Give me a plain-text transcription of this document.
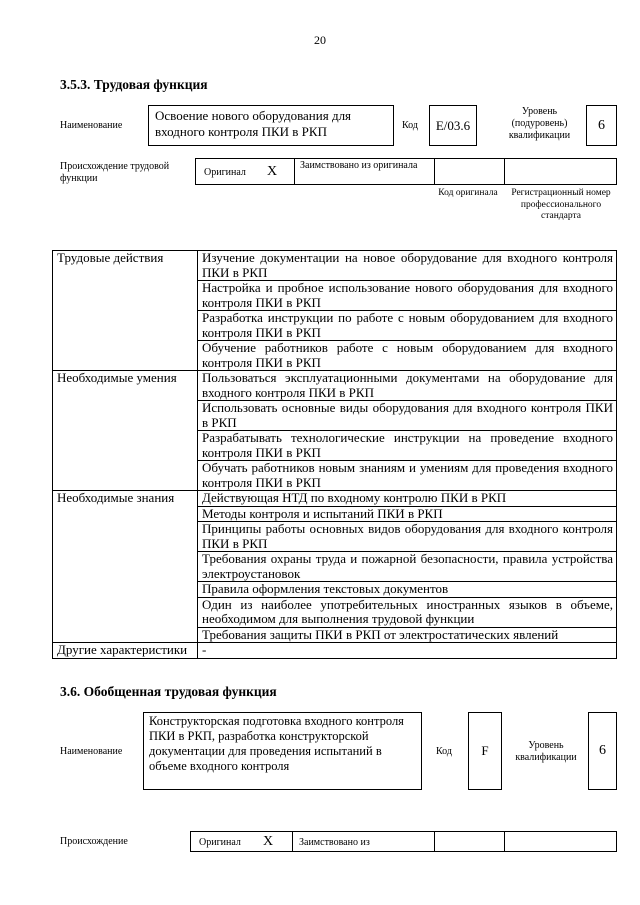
20
3.5.3. Трудовая функция
Наименование
Освоение нового оборудования для входного контроля ПКИ в РКП	Код	E/03.6
Уровень (подуровень) квалификации
6
Происхождение трудовой функции
Оригинал X Заимствовано из оригинала
Код оригинала	Регистрационный номер профессионального стандарта
Трудовые действия	Изучение документации на новое оборудование для входного контроля ПКИ в РКП
	Настройка и пробное использование нового оборудования для входного контроля ПКИ в РКП
	Разработка инструкции по работе с новым оборудованием для входного контроля ПКИ в РКП
	Обучение работников работе с новым оборудованием для входного контроля ПКИ в РКП
Необходимые умения	Пользоваться эксплуатационными документами на оборудование для входного контроля ПКИ в РКП
	Использовать основные виды оборудования для входного контроля ПКИ в РКП
	Разрабатывать технологические инструкции на проведение входного контроля ПКИ в РКП
	Обучать работников новым знаниям и умениям для проведения входного контроля ПКИ в РКП
Необходимые знания	Действующая НТД по входному контролю ПКИ в РКП
	Методы контроля и испытаний ПКИ в РКП
	Принципы работы основных видов оборудования для входного контроля ПКИ в РКП
	Требования охраны труда и пожарной безопасности, правила устройства электроустановок
	Правила оформления текстовых документов
	Один из наиболее употребительных иностранных языков в объеме, необходимом для выполнения трудовой функции
	Требования защиты ПКИ в РКП от электростатических явлений
Другие характеристики	-
3.6. Обобщенная трудовая функция
Наименование
Конструкторская подготовка входного контроля ПКИ в РКП, разработка конструкторской документации для проведения испытаний в объеме входного контроля
Код	F	Уровень квалификации	6
Происхождение	Оригинал X	Заимствовано из
